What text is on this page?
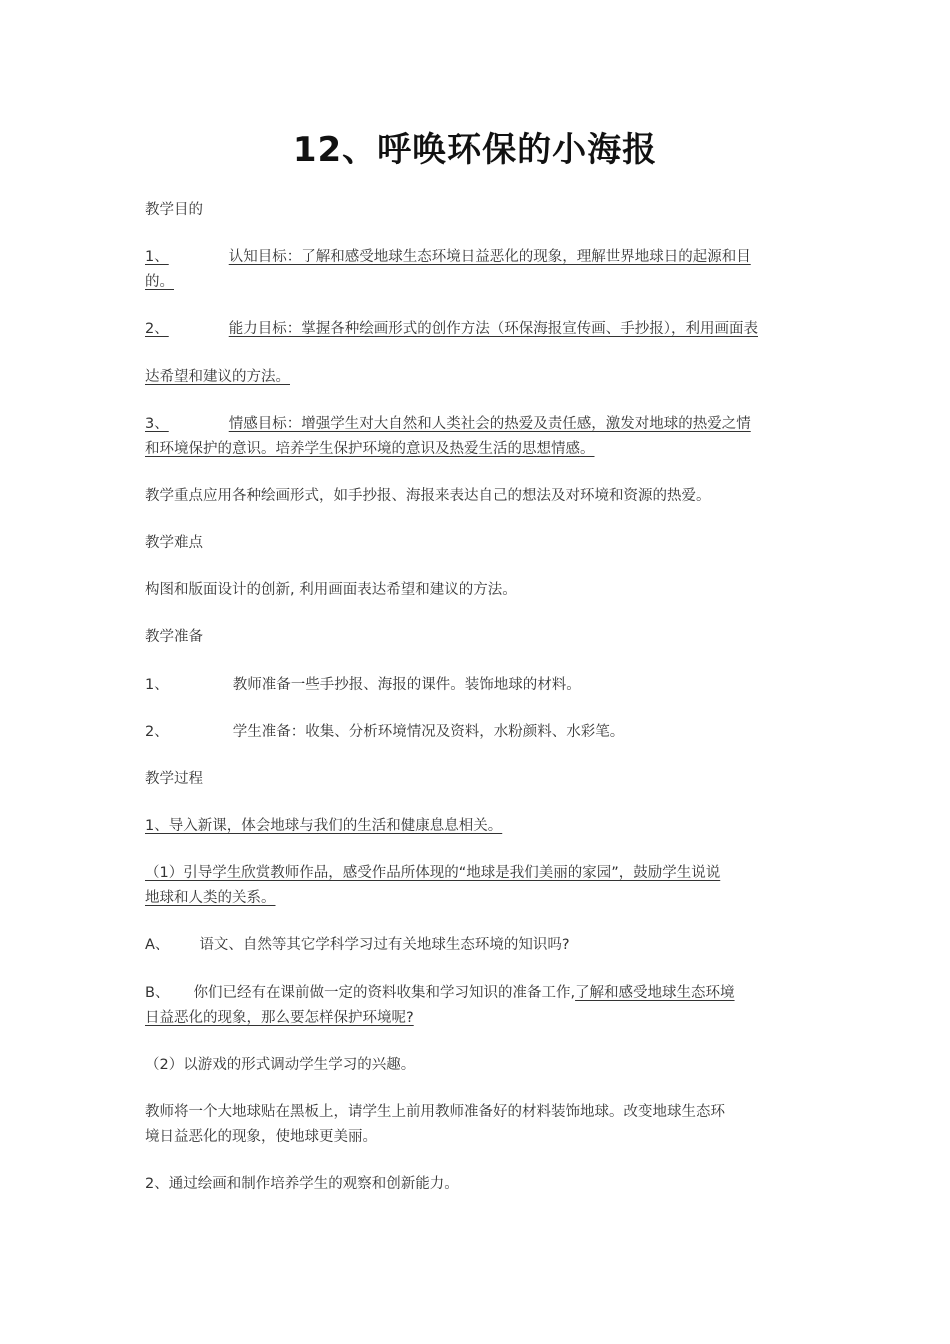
12、呼唤环保的小海报
教学目的
1、	认知目标：了解和感受地球生态环境日益恶化的现象，理解世界地球日的起源和目
的。
2、	能力目标：掌握各种绘画形式的创作方法（环保海报宣传画、手抄报），利用画面表
达希望和建议的方法。
3、	情感目标：增强学生对大自然和人类社会的热爱及责任感，激发对地球的热爱之情
和环境保护的意识。培养学生保护环境的意识及热爱生活的思想情感。
教学重点应用各种绘画形式，如手抄报、海报来表达自己的想法及对环境和资源的热爱。
教学难点
构图和版面设计的创新, 利用画面表达希望和建议的方法。
教学准备
1、	教师准备一些手抄报、海报的课件。装饰地球的材料。
2、	学生准备：收集、分析环境情况及资料，水粉颜料、水彩笔。
教学过程
1、导入新课，体会地球与我们的生活和健康息息相关。
（1）引导学生欣赏教师作品，感受作品所体现的“地球是我们美丽的家园”，鼓励学生说说
地球和人类的关系。
A、 语文、自然等其它学科学习过有关地球生态环境的知识吗?
B、 你们已经有在课前做一定的资料收集和学习知识的准备工作,了解和感受地球生态环境
日益恶化的现象，那么要怎样保护环境呢?
（2）以游戏的形式调动学生学习的兴趣。
教师将一个大地球贴在黑板上，请学生上前用教师准备好的材料装饰地球。改变地球生态环
境日益恶化的现象，使地球更美丽。
2、通过绘画和制作培养学生的观察和创新能力。
